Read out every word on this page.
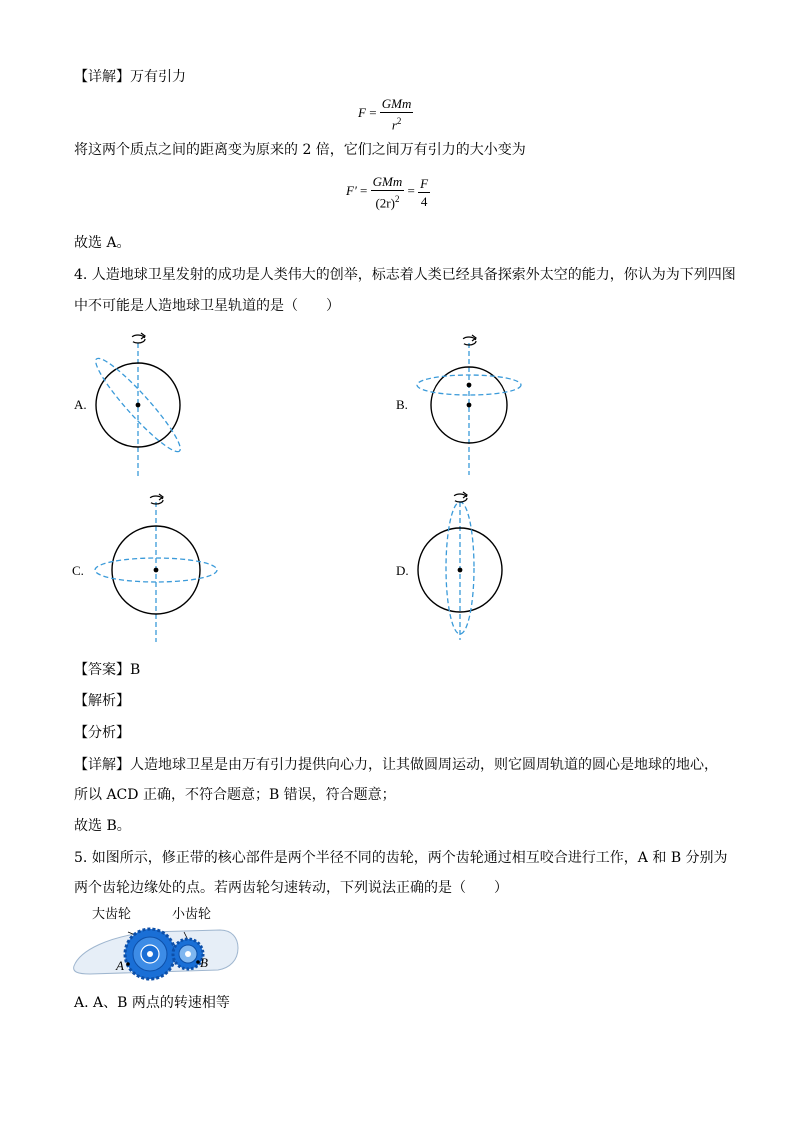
【详解】万有引力
$F = \frac{\text{GMm}}{r^2}$
将这两个质点之间的距离变为原来的 2 倍，它们之间万有引力的大小变为
$F' = \frac{\text{GMm}}{(2r)^2} = \frac{F}{4}$
故选 A。
4. 人造地球卫星发射的成功是人类伟大的创举，标志着人类已经具备探索外太空的能力，你认为为下列四图
中不可能是人造地球卫星轨道的是（　　）
A.	B.
C.	D.
【答案】B
【解析】
【分析】
【详解】人造地球卫星是由万有引力提供向心力，让其做圆周运动，则它圆周轨道的圆心是地球的地心，
所以 ACD 正确，不符合题意；B 错误，符合题意；
故选 B。
5. 如图所示，修正带的核心部件是两个半径不同的齿轮，两个齿轮通过相互咬合进行工作，A 和 B 分别为
两个齿轮边缘处的点。若两齿轮匀速转动，下列说法正确的是（　　）
大齿轮	小齿轮
A	B
A. A、B 两点的转速相等
